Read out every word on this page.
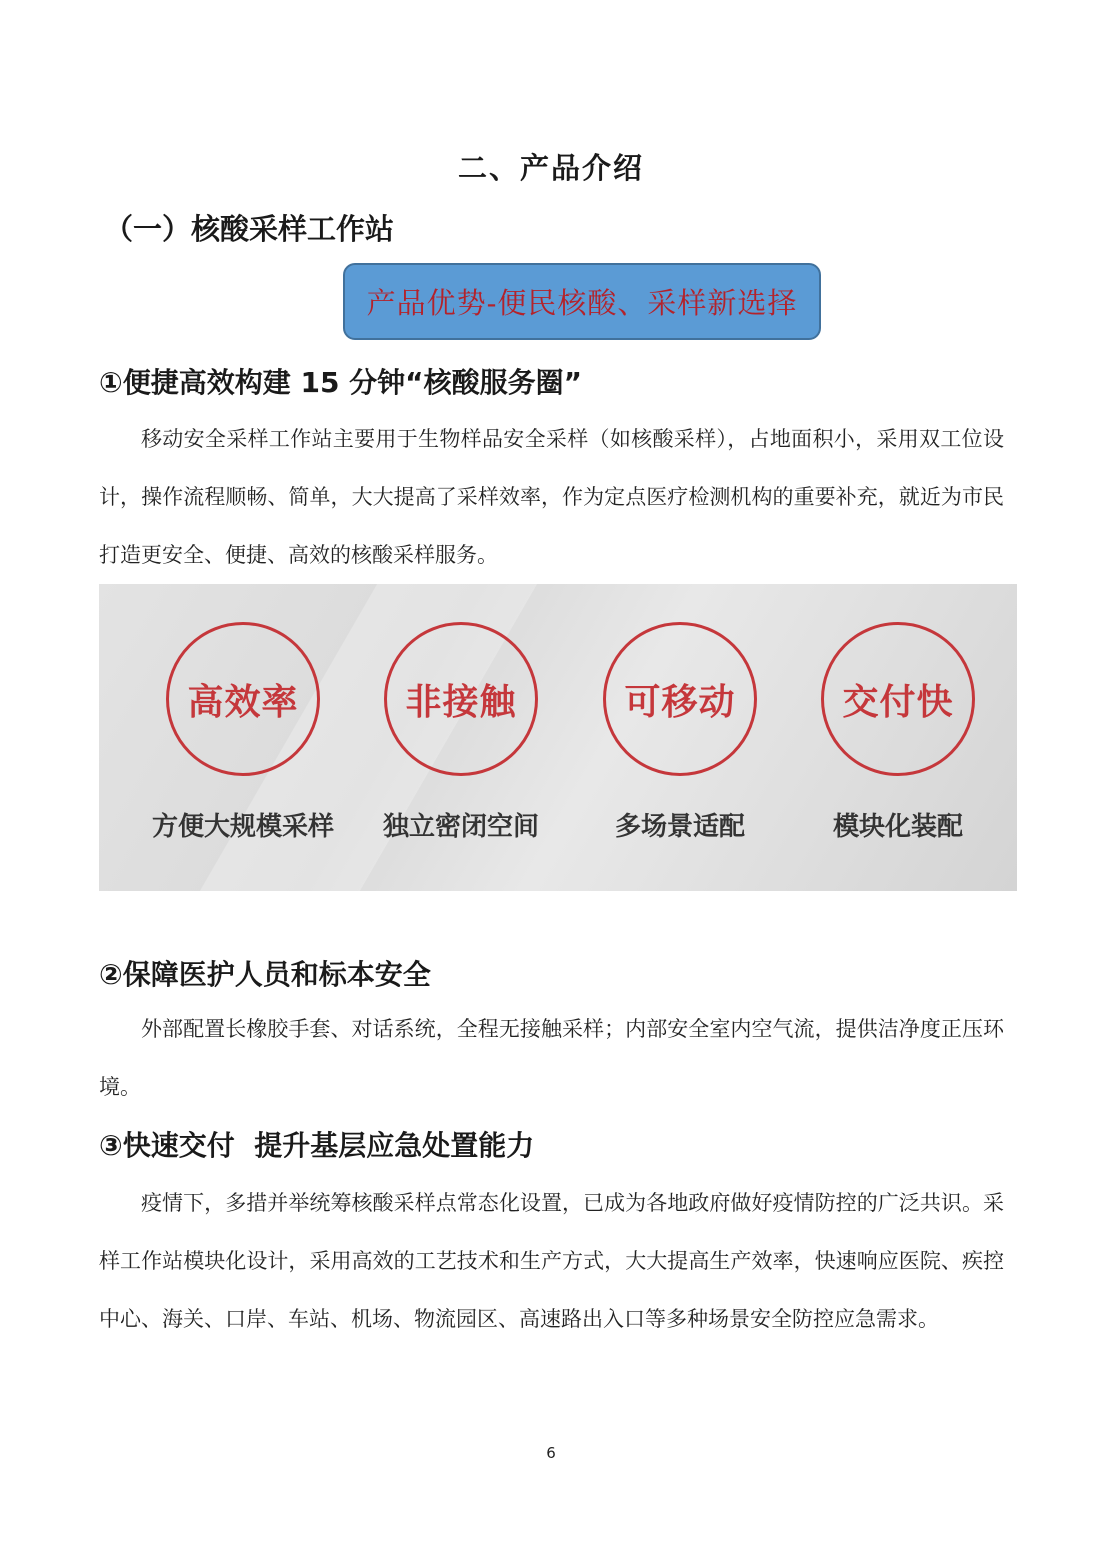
二、产品介绍
（一）核酸采样工作站
产品优势-便民核酸、采样新选择
①便捷高效构建 15 分钟“核酸服务圈”
移动安全采样工作站主要用于生物样品安全采样（如核酸采样），占地面积小，采用双工位设计，操作流程顺畅、简单，大大提高了采样效率，作为定点医疗检测机构的重要补充，就近为市民打造更安全、便捷、高效的核酸采样服务。
高效率
方便大规模采样
非接触
独立密闭空间
可移动
多场景适配
交付快
模块化装配
②保障医护人员和标本安全
外部配置长橡胶手套、对话系统，全程无接触采样；内部安全室内空气流，提供洁净度正压环境。
③快速交付  提升基层应急处置能力
疫情下，多措并举统筹核酸采样点常态化设置，已成为各地政府做好疫情防控的广泛共识。采样工作站模块化设计，采用高效的工艺技术和生产方式，大大提高生产效率，快速响应医院、疾控中心、海关、口岸、车站、机场、物流园区、高速路出入口等多种场景安全防控应急需求。
6
